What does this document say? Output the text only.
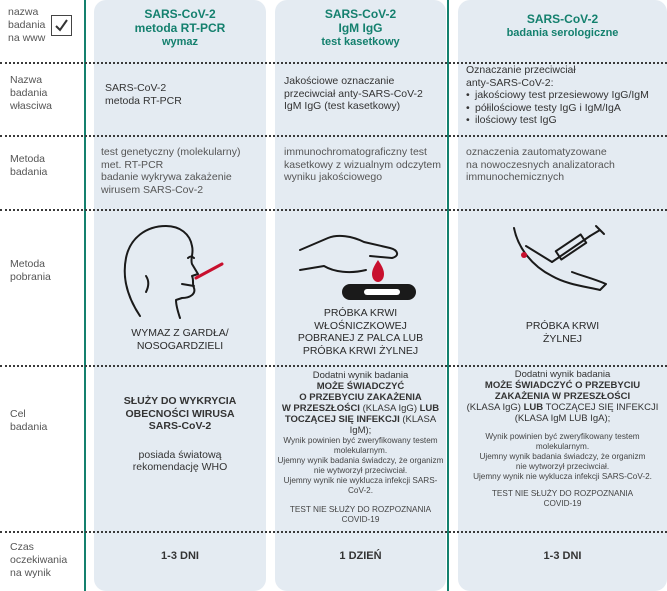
nazwa
badania
na www
SARS-CoV-2
metoda RT-PCR
wymaz
SARS-CoV-2
IgM IgG
test kasetkowy
SARS-CoV-2
badania serologiczne
Nazwa
badania
własciwa
Metoda
badania
Metoda
pobrania
Cel
badania
Czas
oczekiwania
na wynik
SARS-CoV-2
metoda RT-PCR
Jakościowe oznaczanie
przeciwciał anty-SARS-CoV-2
IgM IgG (test kasetkowy)
Oznaczanie przeciwciał
anty-SARS-CoV-2:
• jakościowy test przesiewowy IgG/IgM
• półilościowe testy IgG i IgM/IgA
• ilościowy test IgG
test genetyczny (molekularny)
met. RT-PCR
badanie wykrywa zakażenie
wirusem SARS-Cov-2
immunochromatograficzny test
kasetkowy z wizualnym odczytem
wyniku jakościowego
oznaczenia zautomatyzowane
na nowoczesnych analizatorach
immunochemicznych
WYMAZ Z GARDŁA/
NOSOGARDZIELI
PRÓBKA KRWI
WŁOŚNICZKOWEJ
POBRANEJ Z PALCA LUB
PRÓBKA KRWI ŻYLNEJ
PRÓBKA KRWI
ŻYLNEJ
SŁUŻY DO WYKRYCIA
OBECNOŚCI WIRUSA
SARS-CoV-2
posiada światową
rekomendację WHO
Dodatni wynik badania
MOŻE ŚWIADCZYĆ
O PRZEBYCIU ZAKAŻENIA
W PRZESZŁOŚCI (KLASA IgG) LUB
TOCZĄCEJ SIĘ INFEKCJI (KLASA IgM);
Wynik powinien być zweryfikowany testem
molekularnym.
Ujemny wynik badania świadczy, że organizm
nie wytworzył przeciwciał.
Ujemny wynik nie wyklucza infekcji SARS-
CoV-2.
TEST NIE SŁUŻY DO ROZPOZNANIA
COVID-19
Dodatni wynik badania
MOŻE ŚWIADCZYĆ O PRZEBYCIU
ZAKAŻENIA W PRZESZŁOŚCI
(KLASA IgG) LUB TOCZĄCEJ SIĘ INFEKCJI
(KLASA IgM LUB IgA);
Wynik powinien być zweryfikowany testem
molekularnym.
Ujemny wynik badania świadczy, że organizm
nie wytworzył przeciwciał.
Ujemny wynik nie wyklucza infekcji SARS-CoV-2.
TEST NIE SŁUŻY DO ROZPOZNANIA
COVID-19
1-3 DNI	1 DZIEŃ	1-3 DNI
